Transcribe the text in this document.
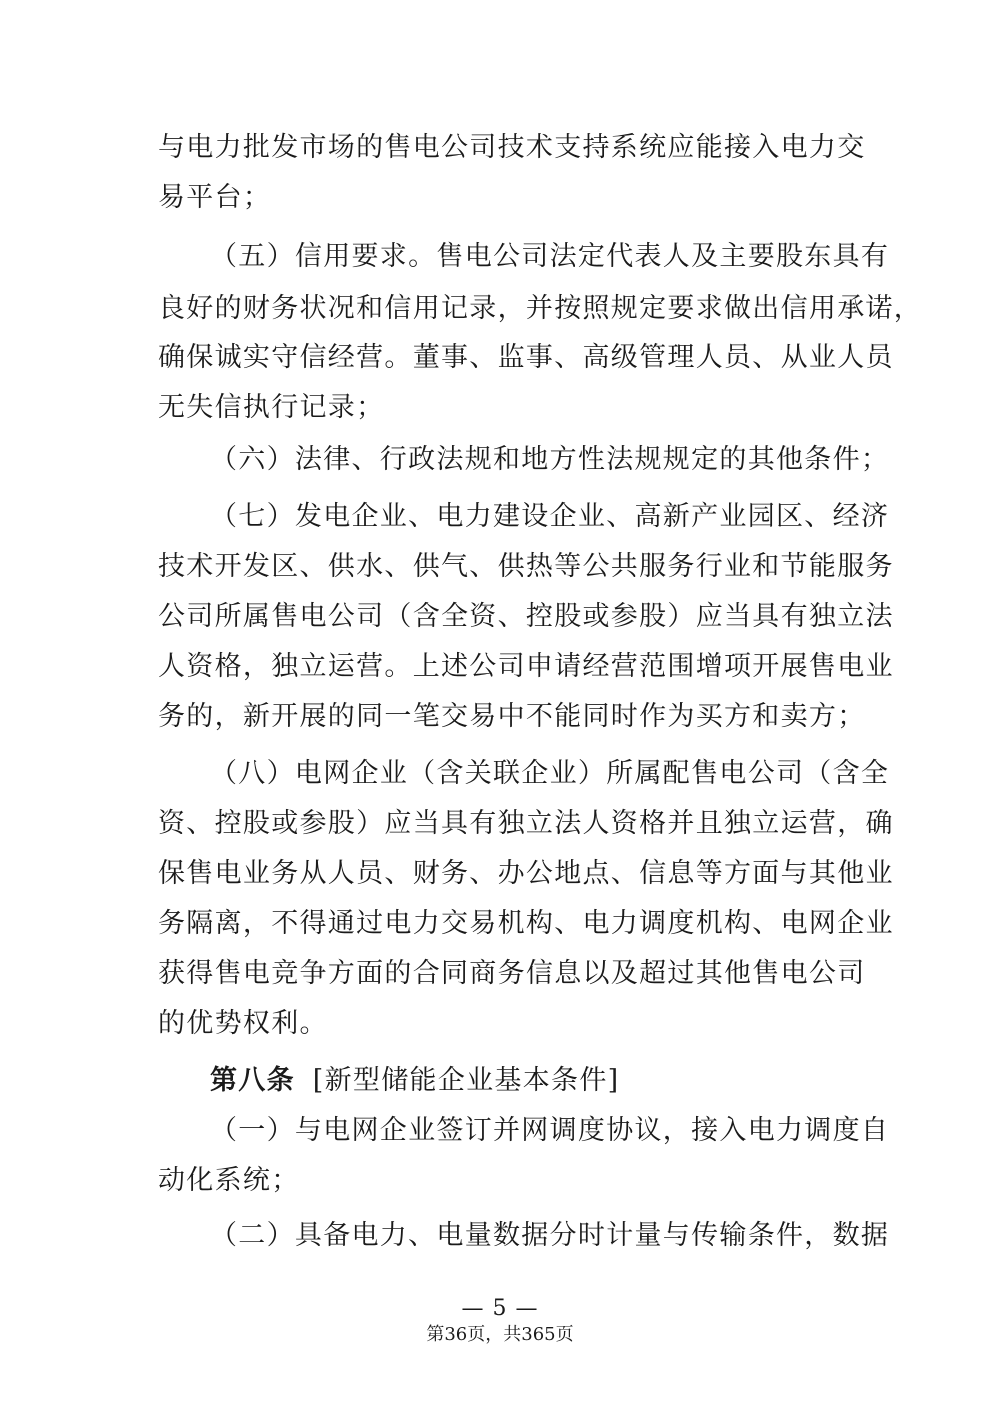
与电力批发市场的售电公司技术支持系统应能接入电力交
易平台；
（五）信用要求。售电公司法定代表人及主要股东具有
良好的财务状况和信用记录，并按照规定要求做出信用承诺，
确保诚实守信经营。董事、监事、高级管理人员、从业人员
无失信执行记录；
（六）法律、行政法规和地方性法规规定的其他条件；
（七）发电企业、电力建设企业、高新产业园区、经济
技术开发区、供水、供气、供热等公共服务行业和节能服务
公司所属售电公司（含全资、控股或参股）应当具有独立法
人资格，独立运营。上述公司申请经营范围增项开展售电业
务的，新开展的同一笔交易中不能同时作为买方和卖方；
（八）电网企业（含关联企业）所属配售电公司（含全
资、控股或参股）应当具有独立法人资格并且独立运营，确
保售电业务从人员、财务、办公地点、信息等方面与其他业
务隔离，不得通过电力交易机构、电力调度机构、电网企业
获得售电竞争方面的合同商务信息以及超过其他售电公司
的优势权利。
第八条 [新型储能企业基本条件]
（一）与电网企业签订并网调度协议，接入电力调度自
动化系统；
（二）具备电力、电量数据分时计量与传输条件，数据
— 5 —
第36页，共365页
